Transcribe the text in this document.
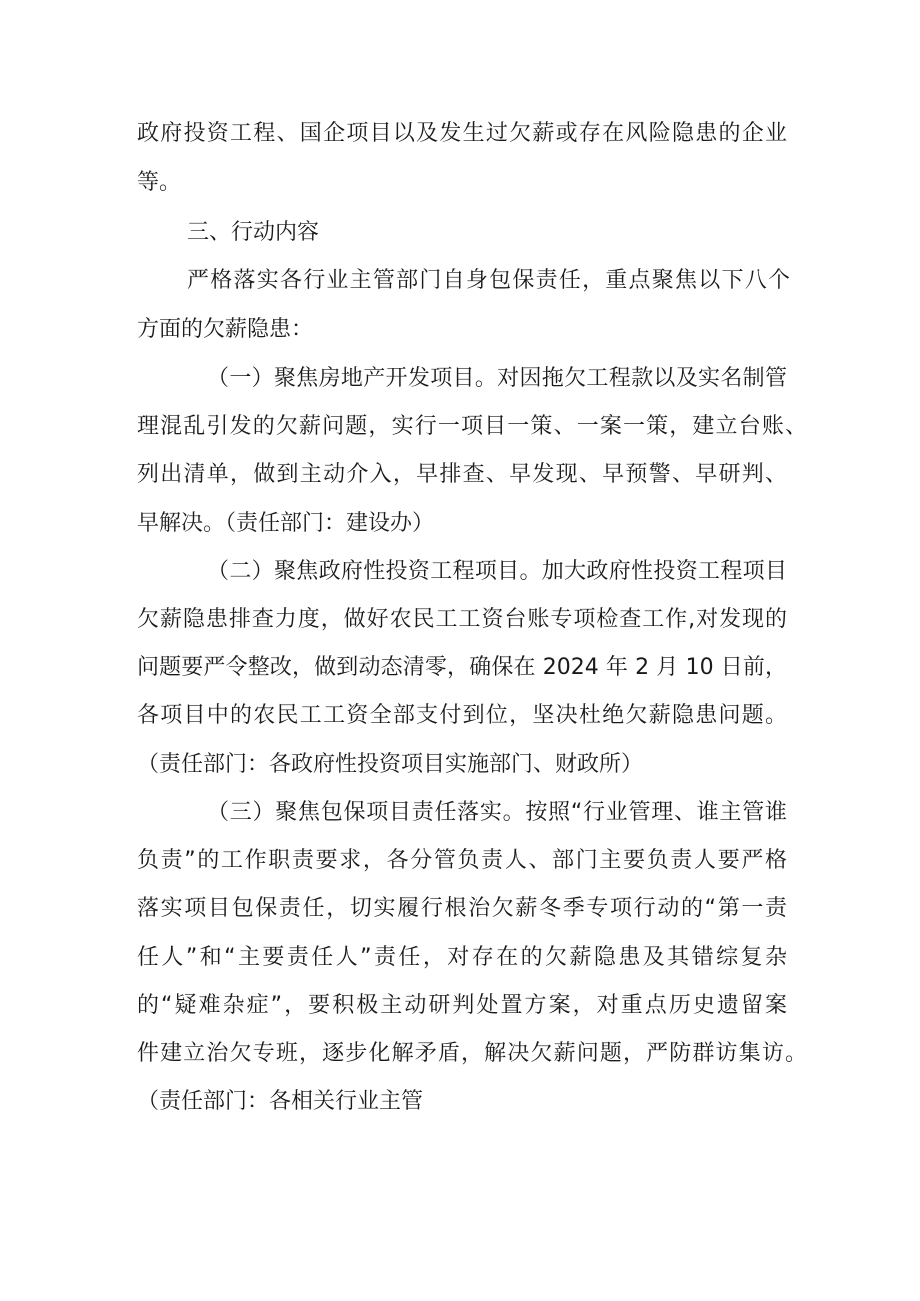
政府投资工程、国企项目以及发生过欠薪或存在风险隐患的企业
等。
三、行动内容
严格落实各行业主管部门自身包保责任，重点聚焦以下八个
方面的欠薪隐患：
（一）聚焦房地产开发项目。对因拖欠工程款以及实名制管
理混乱引发的欠薪问题，实行一项目一策、一案一策，建立台账、
列出清单，做到主动介入，早排查、早发现、早预警、早研判、
早解决。（责任部门：建设办）
（二）聚焦政府性投资工程项目。加大政府性投资工程项目
欠薪隐患排查力度，做好农民工工资台账专项检查工作,对发现的
问题要严令整改，做到动态清零，确保在 2024 年 2 月 10 日前，
各项目中的农民工工资全部支付到位，坚决杜绝欠薪隐患问题。
（责任部门：各政府性投资项目实施部门、财政所）
（三）聚焦包保项目责任落实。按照“行业管理、谁主管谁
负责”的工作职责要求，各分管负责人、部门主要负责人要严格
落实项目包保责任，切实履行根治欠薪冬季专项行动的“第一责
任人”和“主要责任人”责任，对存在的欠薪隐患及其错综复杂
的“疑难杂症”，要积极主动研判处置方案，对重点历史遗留案
件建立治欠专班，逐步化解矛盾，解决欠薪问题，严防群访集访。
（责任部门：各相关行业主管
